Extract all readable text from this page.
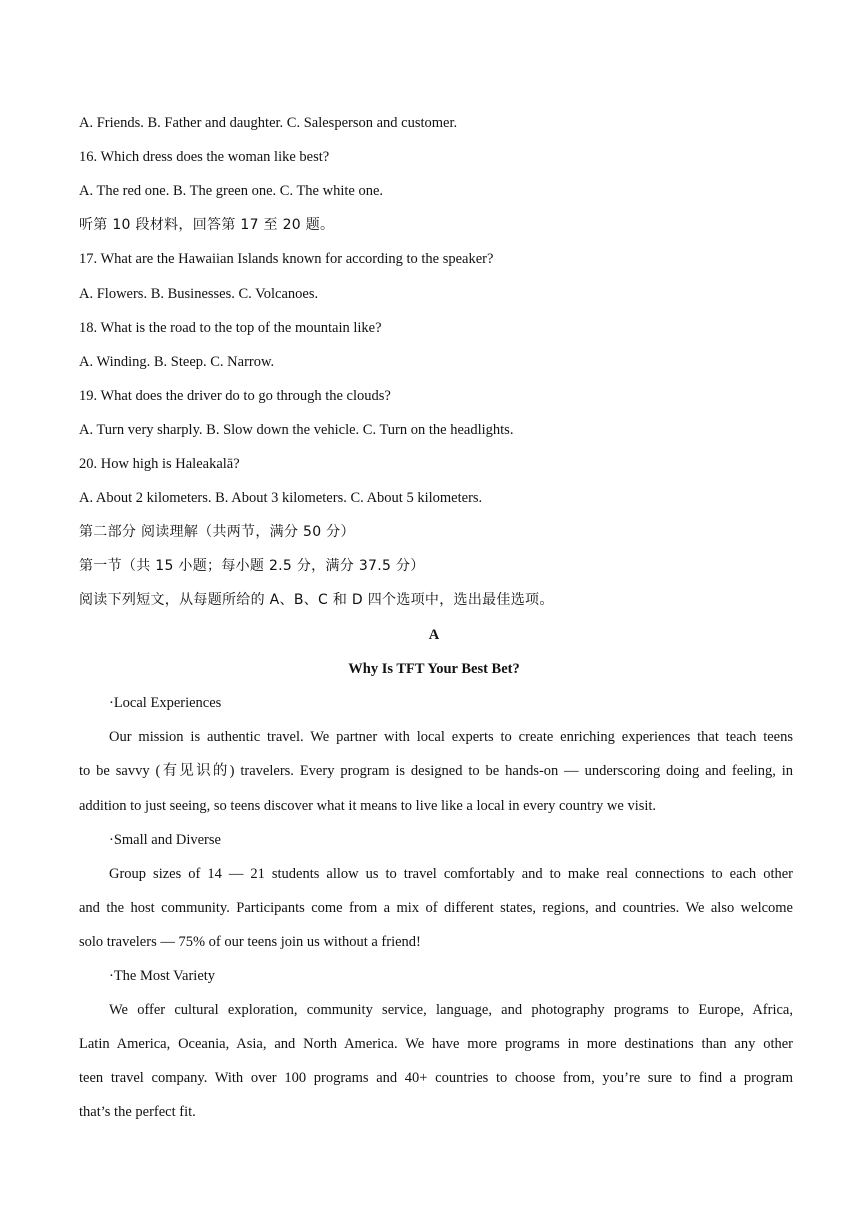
A. Friends. B. Father and daughter. C. Salesperson and customer.
16. Which dress does the woman like best?
A. The red one. B. The green one. C. The white one.
听第 10 段材料，回答第 17 至 20 题。
17. What are the Hawaiian Islands known for according to the speaker?
A. Flowers. B. Businesses. C. Volcanoes.
18. What is the road to the top of the mountain like?
A. Winding. B. Steep. C. Narrow.
19. What does the driver do to go through the clouds?
A. Turn very sharply. B. Slow down the vehicle. C. Turn on the headlights.
20. How high is Haleakalā?
A. About 2 kilometers. B. About 3 kilometers. C. About 5 kilometers.
第二部分 阅读理解（共两节，满分 50 分）
第一节（共 15 小题；每小题 2.5 分，满分 37.5 分）
阅读下列短文，从每题所给的 A、B、C 和 D 四个选项中，选出最佳选项。
A
Why Is TFT Your Best Bet?
·Local Experiences
Our mission is authentic travel. We partner with local experts to create enriching experiences that teach teens
to be savvy (有见识的) travelers. Every program is designed to be hands-on — underscoring doing and feeling, in
addition to just seeing, so teens discover what it means to live like a local in every country we visit.
·Small and Diverse
Group sizes of 14 — 21 students allow us to travel comfortably and to make real connections to each other
and the host community. Participants come from a mix of different states, regions, and countries. We also welcome
solo travelers — 75% of our teens join us without a friend!
·The Most Variety
We offer cultural exploration, community service, language, and photography programs to Europe, Africa,
Latin America, Oceania, Asia, and North America. We have more programs in more destinations than any other
teen travel company. With over 100 programs and 40+ countries to choose from, you’re sure to find a program
that’s the perfect fit.
